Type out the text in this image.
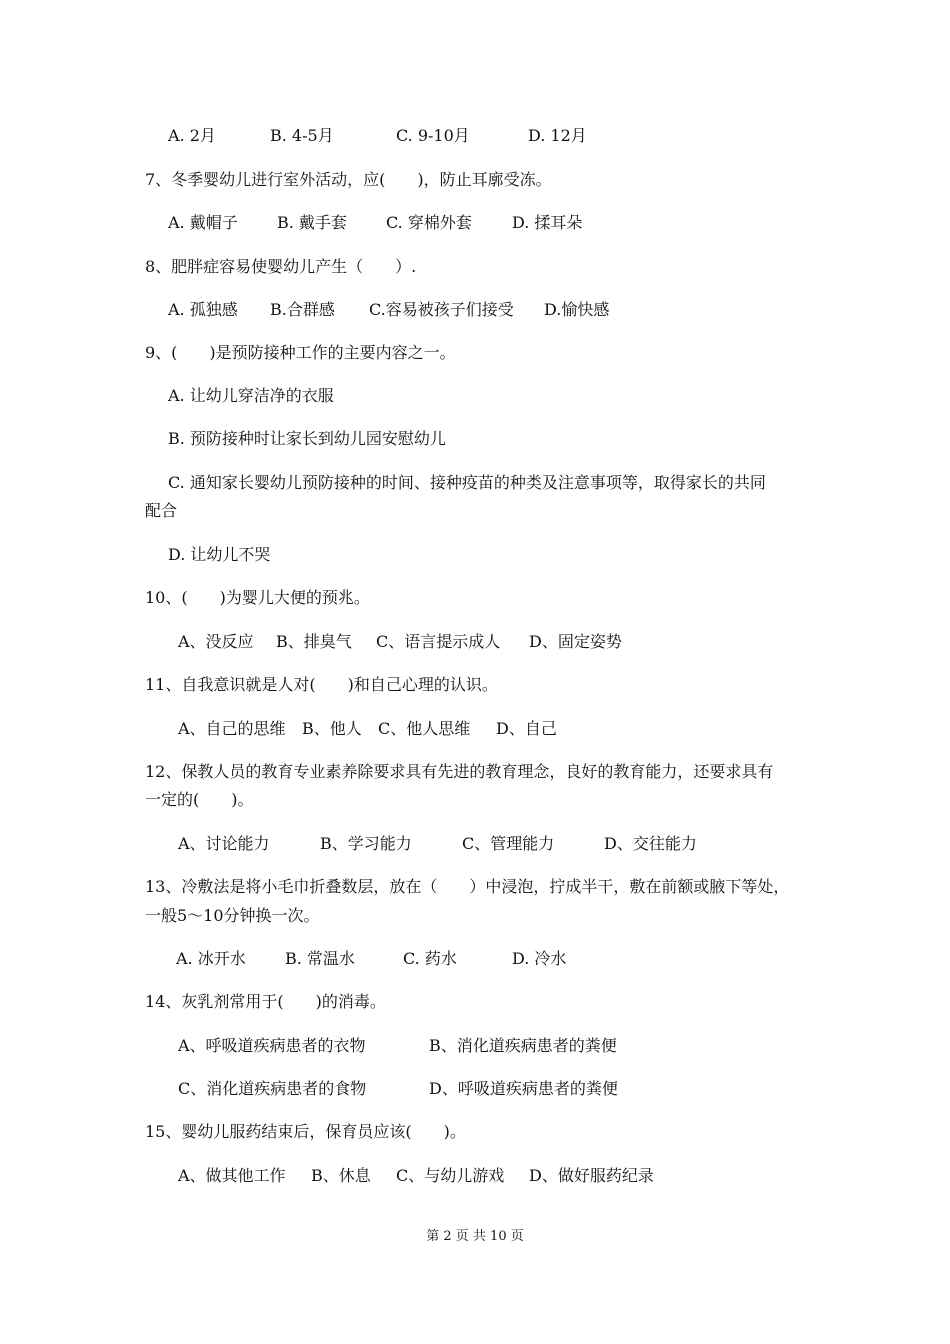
A. 2月	B. 4-5月	C. 9-10月	D. 12月
7、冬季婴幼儿进行室外活动，应(　　)，防止耳廓受冻。
A. 戴帽子 B. 戴手套 C. 穿棉外套	D. 揉耳朵
8、肥胖症容易使婴幼儿产生（　　）.
A. 孤独感 B.合群感 C.容易被孩子们接受 D.愉快感
9、(　　)是预防接种工作的主要内容之一。
A. 让幼儿穿洁净的衣服
B. 预防接种时让家长到幼儿园安慰幼儿
C. 通知家长婴幼儿预防接种的时间、接种疫苗的种类及注意事项等，取得家长的共同
配合
D. 让幼儿不哭
10、(　　)为婴儿大便的预兆。
A、没反应 B、排臭气 C、语言提示成人 D、固定姿势
11、自我意识就是人对(　　)和自己心理的认识。
A、自己的思维 B、他人 C、他人思维 D、自己
12、保教人员的教育专业素养除要求具有先进的教育理念，良好的教育能力，还要求具有
一定的(　　)。
A、讨论能力	B、学习能力	C、管理能力	D、交往能力
13、冷敷法是将小毛巾折叠数层，放在（　　）中浸泡，拧成半干，敷在前额或腋下等处，
一般5～10分钟换一次。
A. 冰开水 B. 常温水	C. 药水	D. 冷水
14、灰乳剂常用于(　　)的消毒。
A、呼吸道疾病患者的衣物	B、消化道疾病患者的粪便
C、消化道疾病患者的食物	D、呼吸道疾病患者的粪便
15、婴幼儿服药结束后，保育员应该(　　)。
A、做其他工作 B、休息 C、与幼儿游戏 D、做好服药纪录
第 2 页 共 10 页
